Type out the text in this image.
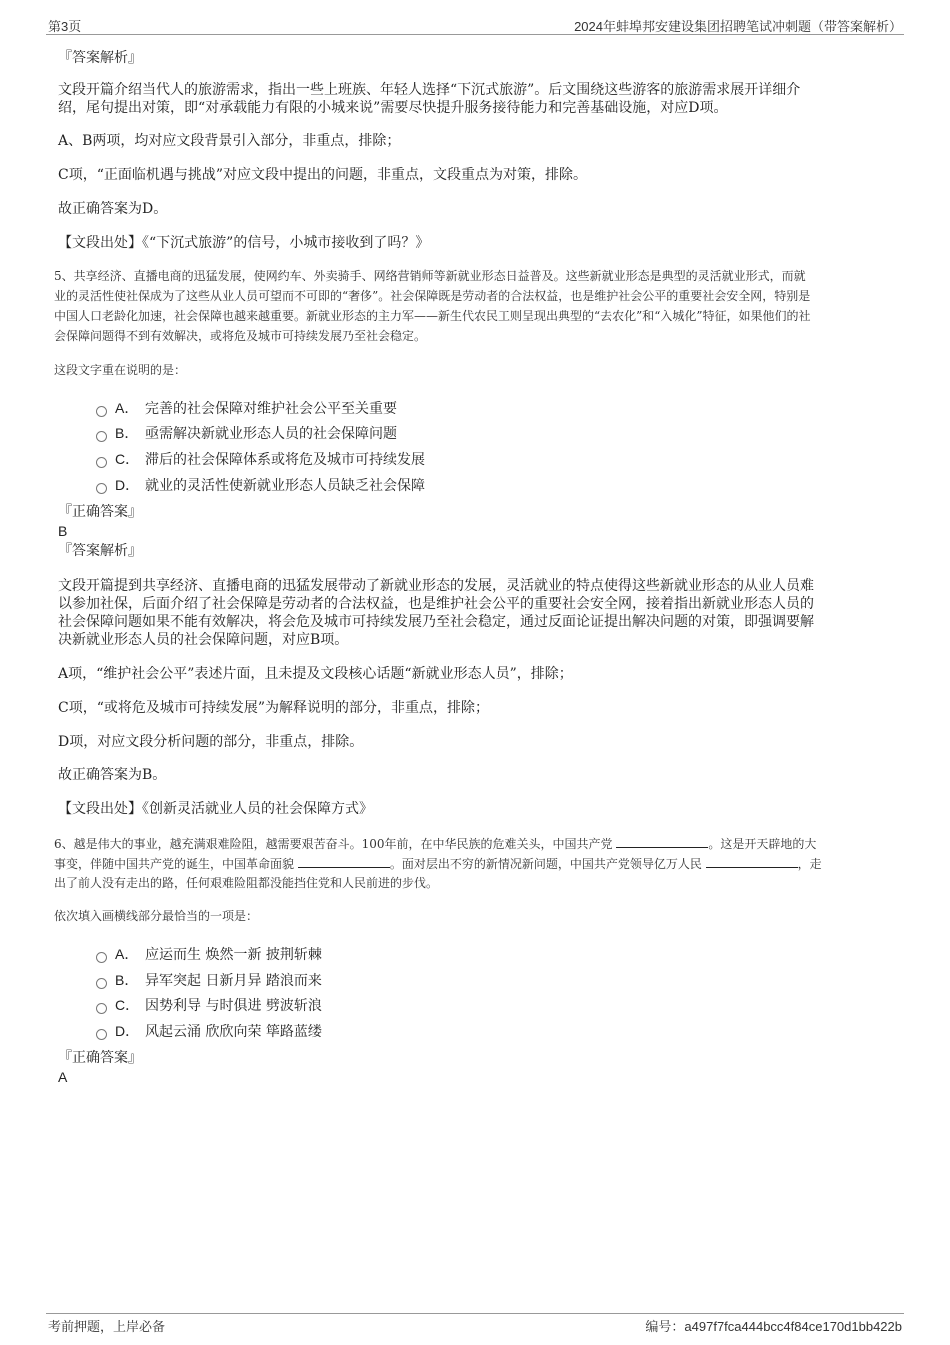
第3页	2024年蚌埠邦安建设集团招聘笔试冲刺题（带答案解析）
『答案解析』
文段开篇介绍当代人的旅游需求，指出一些上班族、年轻人选择“下沉式旅游”。后文围绕这些游客的旅游需求展开详细介
绍，尾句提出对策，即“对承载能力有限的小城来说”需要尽快提升服务接待能力和完善基础设施，对应D项。
A、B两项，均对应文段背景引入部分，非重点，排除；
C项，“正面临机遇与挑战”对应文段中提出的问题，非重点，文段重点为对策，排除。
故正确答案为D。
【文段出处】《“下沉式旅游”的信号，小城市接收到了吗？》
5、共享经济、直播电商的迅猛发展，使网约车、外卖骑手、网络营销师等新就业形态日益普及。这些新就业形态是典型的灵活就业形式，而就
业的灵活性使社保成为了这些从业人员可望而不可即的“奢侈”。社会保障既是劳动者的合法权益，也是维护社会公平的重要社会安全网，特别是
中国人口老龄化加速，社会保障也越来越重要。新就业形态的主力军——新生代农民工则呈现出典型的“去农化”和“入城化”特征，如果他们的社
会保障问题得不到有效解决，或将危及城市可持续发展乃至社会稳定。
这段文字重在说明的是：
A． 完善的社会保障对维护社会公平至关重要
B． 亟需解决新就业形态人员的社会保障问题
C． 滞后的社会保障体系或将危及城市可持续发展
D． 就业的灵活性使新就业形态人员缺乏社会保障
『正确答案』
B
『答案解析』
文段开篇提到共享经济、直播电商的迅猛发展带动了新就业形态的发展，灵活就业的特点使得这些新就业形态的从业人员难
以参加社保，后面介绍了社会保障是劳动者的合法权益，也是维护社会公平的重要社会安全网，接着指出新就业形态人员的
社会保障问题如果不能有效解决，将会危及城市可持续发展乃至社会稳定，通过反面论证提出解决问题的对策，即强调要解
决新就业形态人员的社会保障问题，对应B项。
A项，“维护社会公平”表述片面，且未提及文段核心话题“新就业形态人员”，排除；
C项，“或将危及城市可持续发展”为解释说明的部分，非重点，排除；
D项，对应文段分析问题的部分，非重点，排除。
故正确答案为B。
【文段出处】《创新灵活就业人员的社会保障方式》
6、越是伟大的事业，越充满艰难险阻，越需要艰苦奋斗。100年前，在中华民族的危难关头，中国共产党	。这是开天辟地的大
事变，伴随中国共产党的诞生，中国革命面貌	。面对层出不穷的新情况新问题，中国共产党领导亿万人民	，走
出了前人没有走出的路，任何艰难险阻都没能挡住党和人民前进的步伐。
依次填入画横线部分最恰当的一项是：
A． 应运而生 焕然一新 披荆斩棘
B． 异军突起 日新月异 踏浪而来
C． 因势利导 与时俱进 劈波斩浪
D． 风起云涌 欣欣向荣 筚路蓝缕
『正确答案』
A
考前押题，上岸必备	编号：a497f7fca444bcc4f84ce170d1bb422b
